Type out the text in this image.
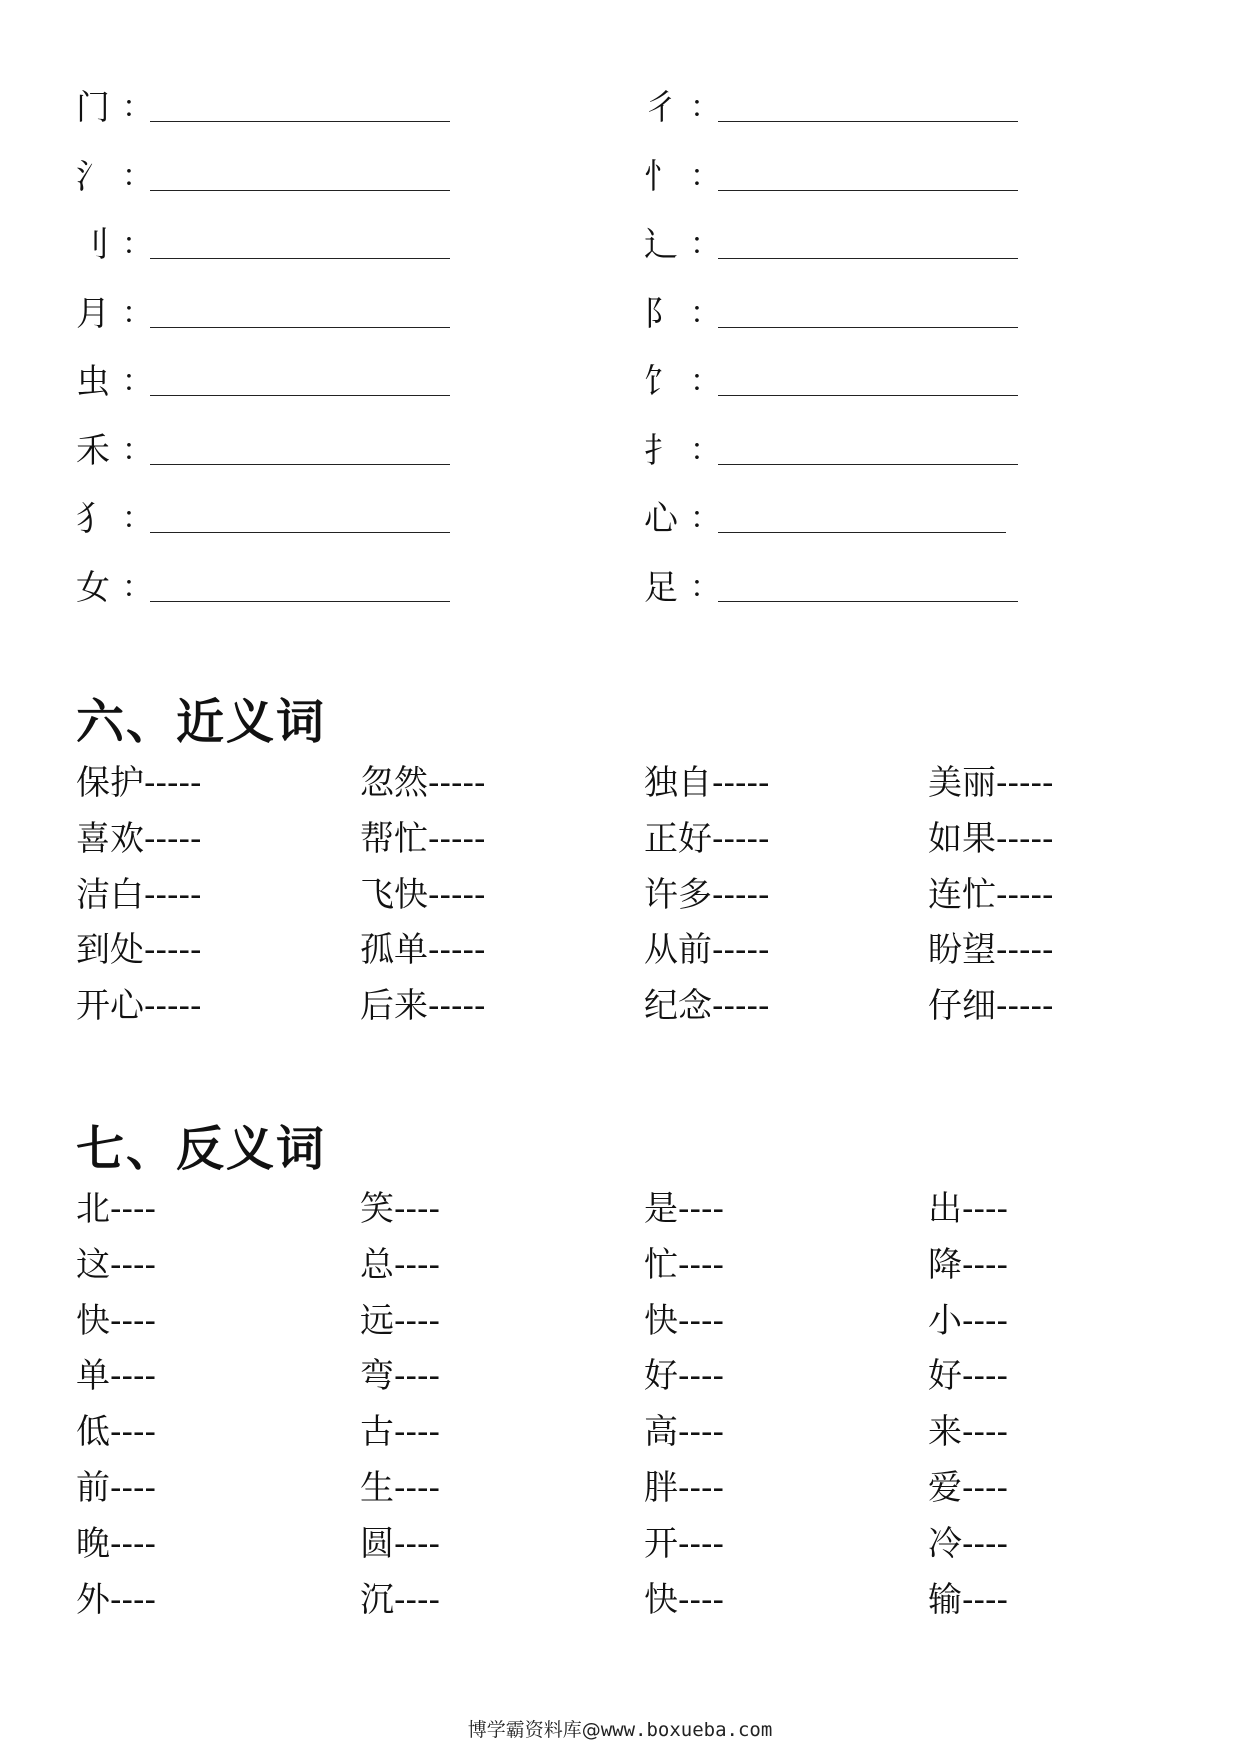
门 ：	彳 ：
氵 ：	忄 ：
刂 ：	辶 ：
月 ：	阝 ：
虫 ：	饣 ：
禾 ：	扌 ：
犭 ：	心 ：
女 ：	足 ：
六、近义词
保护-----	忽然-----	独自-----	美丽-----
喜欢-----	帮忙-----	正好-----	如果-----
洁白-----	飞快-----	许多-----	连忙-----
到处-----	孤单-----	从前-----	盼望-----
开心-----	后来-----	纪念-----	仔细-----
七、反义词
北----	笑----	是----	出----
这----	总----	忙----	降----
快----	远----	快----	小----
单----	弯----	好----	好----
低----	古----	高----	来----
前----	生----	胖----	爱----
晚----	圆----	开----	冷----
外----	沉----	快----	输----
博学霸资料库@www.boxueba.com
